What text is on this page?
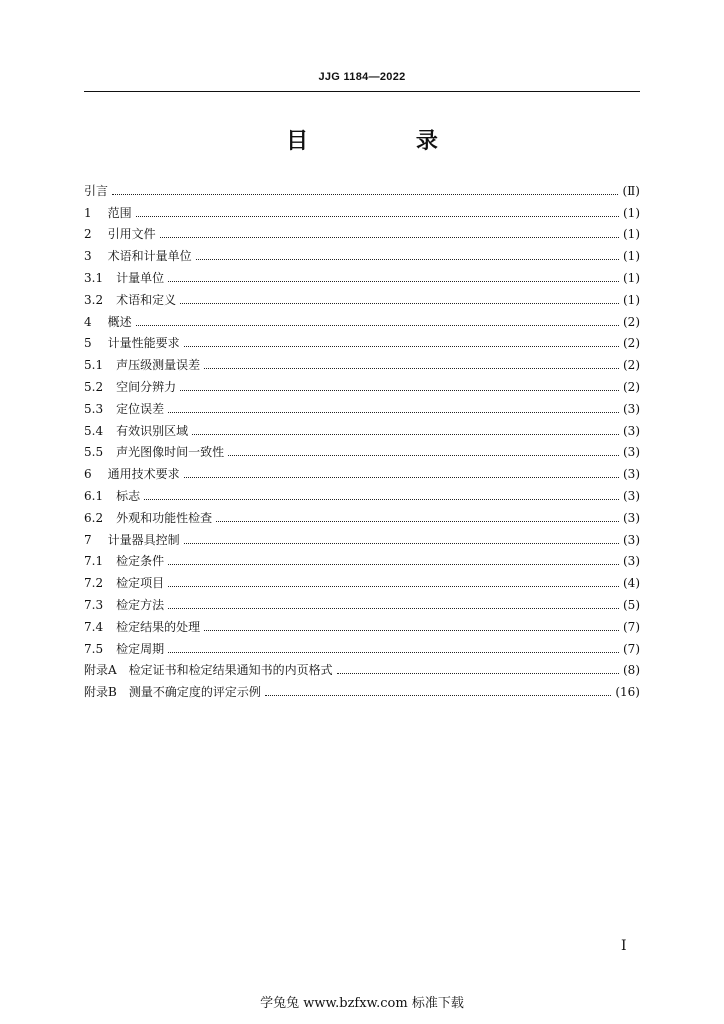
JJG 1184—2022
目 录
引言	(Ⅱ)
1 范围	(1)
2 引用文件	(1)
3 术语和计量单位	(1)
3.1 计量单位	(1)
3.2 术语和定义	(1)
4 概述	(2)
5 计量性能要求	(2)
5.1 声压级测量误差	(2)
5.2 空间分辨力	(2)
5.3 定位误差	(3)
5.4 有效识别区域	(3)
5.5 声光图像时间一致性	(3)
6 通用技术要求	(3)
6.1 标志	(3)
6.2 外观和功能性检查	(3)
7 计量器具控制	(3)
7.1 检定条件	(3)
7.2 检定项目	(4)
7.3 检定方法	(5)
7.4 检定结果的处理	(7)
7.5 检定周期	(7)
附录A 检定证书和检定结果通知书的内页格式	(8)
附录B 测量不确定度的评定示例	(16)
I
学兔兔 www.bzfxw.com 标准下载
